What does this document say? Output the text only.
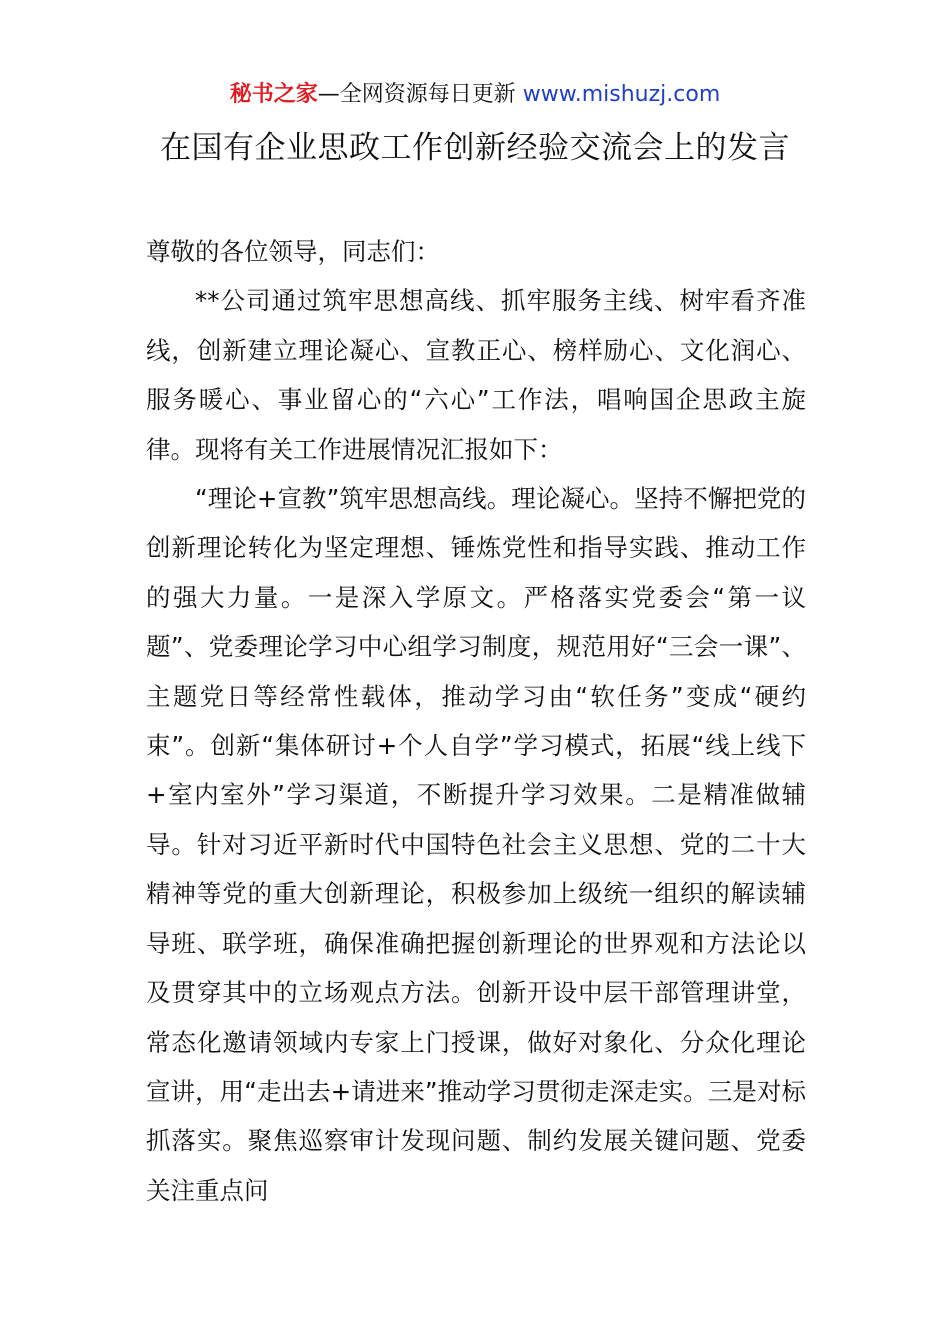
秘书之家—全网资源每日更新 www.mishuzj.com
在国有企业思政工作创新经验交流会上的发言

尊敬的各位领导，同志们：

**公司通过筑牢思想高线、抓牢服务主线、树牢看齐准线，创新建立理论凝心、宣教正心、榜样励心、文化润心、服务暖心、事业留心的“六心”工作法，唱响国企思政主旋律。现将有关工作进展情况汇报如下：

“理论+宣教”筑牢思想高线。理论凝心。坚持不懈把党的创新理论转化为坚定理想、锤炼党性和指导实践、推动工作的强大力量。一是深入学原文。严格落实党委会“第一议题”、党委理论学习中心组学习制度，规范用好“三会一课”、主题党日等经常性载体，推动学习由“软任务”变成“硬约束”。创新“集体研讨+个人自学”学习模式，拓展“线上线下+室内室外”学习渠道，不断提升学习效果。二是精准做辅导。针对习近平新时代中国特色社会主义思想、党的二十大精神等党的重大创新理论，积极参加上级统一组织的解读辅导班、联学班，确保准确把握创新理论的世界观和方法论以及贯穿其中的立场观点方法。创新开设中层干部管理讲堂，常态化邀请领域内专家上门授课，做好对象化、分众化理论宣讲，用“走出去+请进来”推动学习贯彻走深走实。三是对标抓落实。聚焦巡察审计发现问题、制约发展关键问题、党委关注重点问
